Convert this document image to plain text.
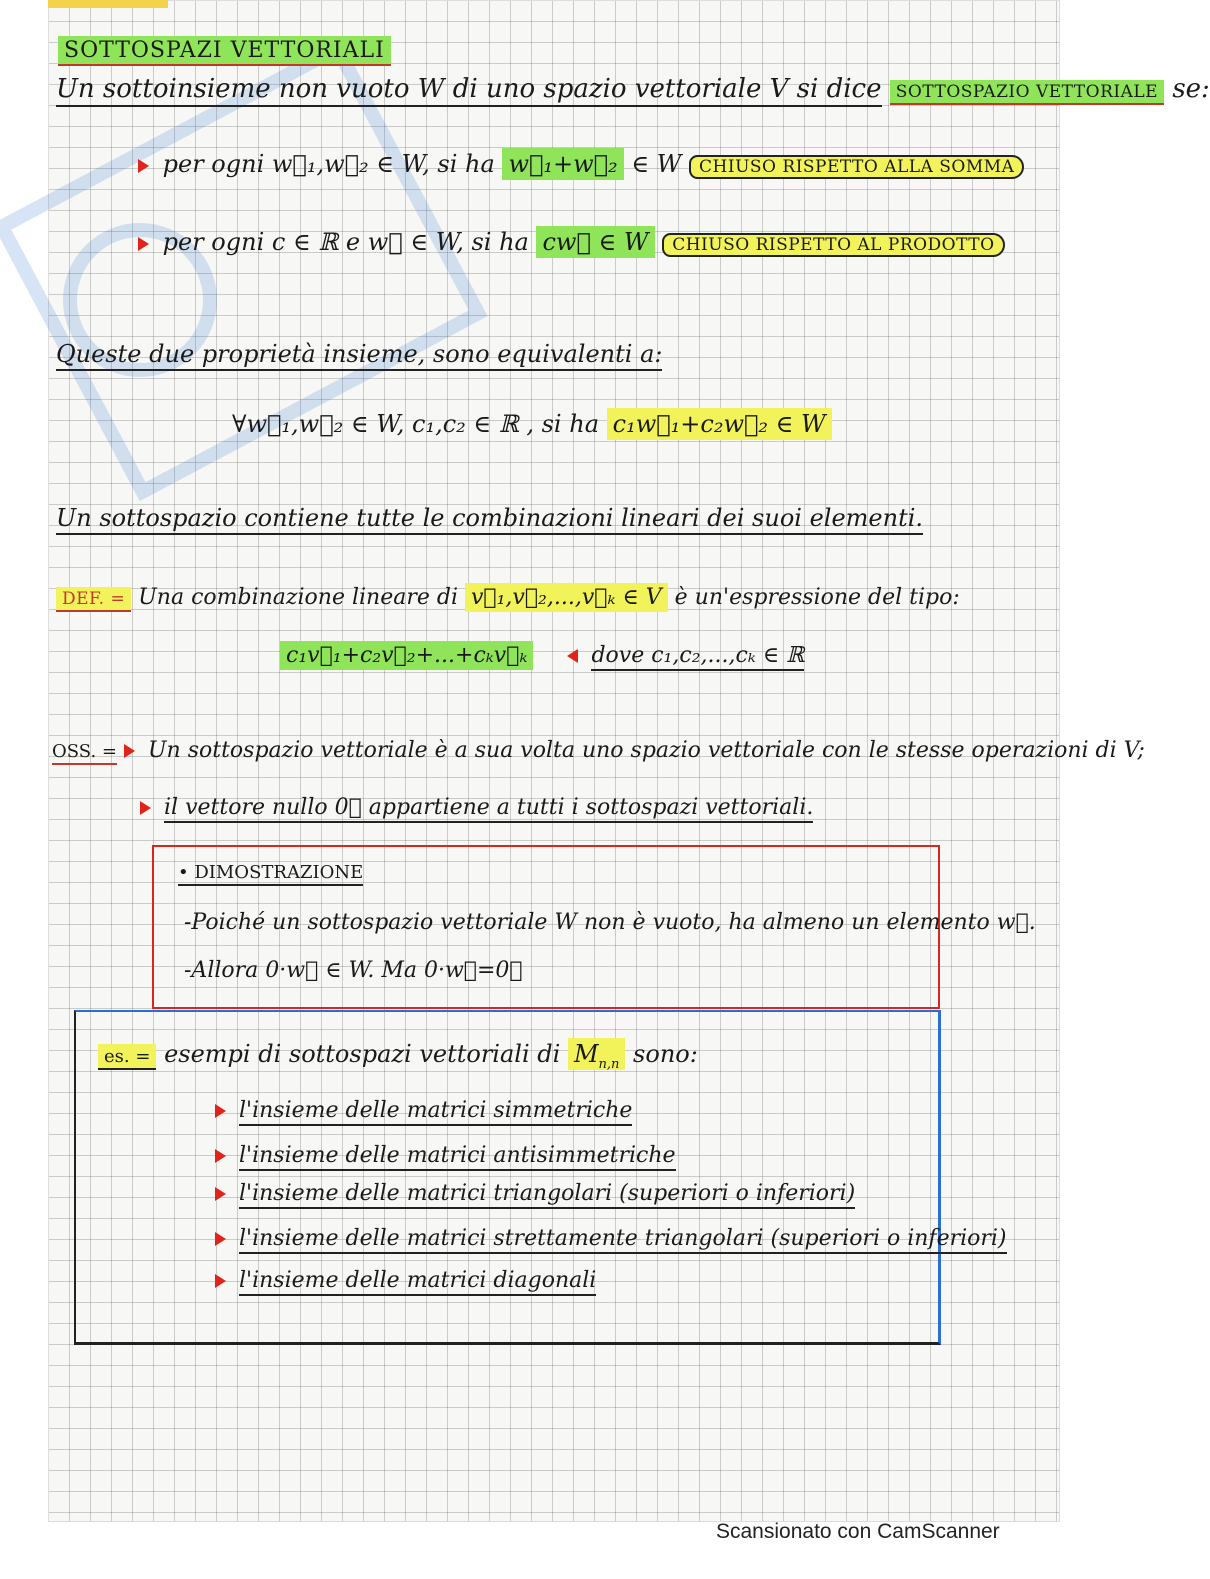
SOTTOSPAZI VETTORIALI
Un sottoinsieme non vuoto W di uno spazio vettoriale V si dice SOTTOSPAZIO VETTORIALE se:
per ogni w⃗₁,w⃗₂ ∈ W, si ha w⃗₁+w⃗₂ ∈ W CHIUSO RISPETTO ALLA SOMMA
per ogni c ∈ ℝ e w⃗ ∈ W, si ha cw⃗ ∈ W CHIUSO RISPETTO AL PRODOTTO
Queste due proprietà insieme, sono equivalenti a:
∀w⃗₁,w⃗₂ ∈ W, c₁,c₂ ∈ ℝ , si ha c₁w⃗₁+c₂w⃗₂ ∈ W
Un sottospazio contiene tutte le combinazioni lineari dei suoi elementi.
DEF. = Una combinazione lineare di v⃗₁,v⃗₂,...,v⃗ₖ ∈ V è un'espressione del tipo:
c₁v⃗₁+c₂v⃗₂+...+cₖv⃗ₖ	dove c₁,c₂,...,cₖ ∈ ℝ
OSS. = Un sottospazio vettoriale è a sua volta uno spazio vettoriale con le stesse operazioni di V;
il vettore nullo 0⃗ appartiene a tutti i sottospazi vettoriali.
• DIMOSTRAZIONE
-Poiché un sottospazio vettoriale W non è vuoto, ha almeno un elemento w⃗.
-Allora 0·w⃗ ∈ W. Ma 0·w⃗=0⃗
es. = esempi di sottospazi vettoriali di $M_{n,n}$ sono:
l'insieme delle matrici simmetriche
l'insieme delle matrici antisimmetriche
l'insieme delle matrici triangolari (superiori o inferiori)
l'insieme delle matrici strettamente triangolari (superiori o inferiori)
l'insieme delle matrici diagonali
Scansionato con CamScanner
